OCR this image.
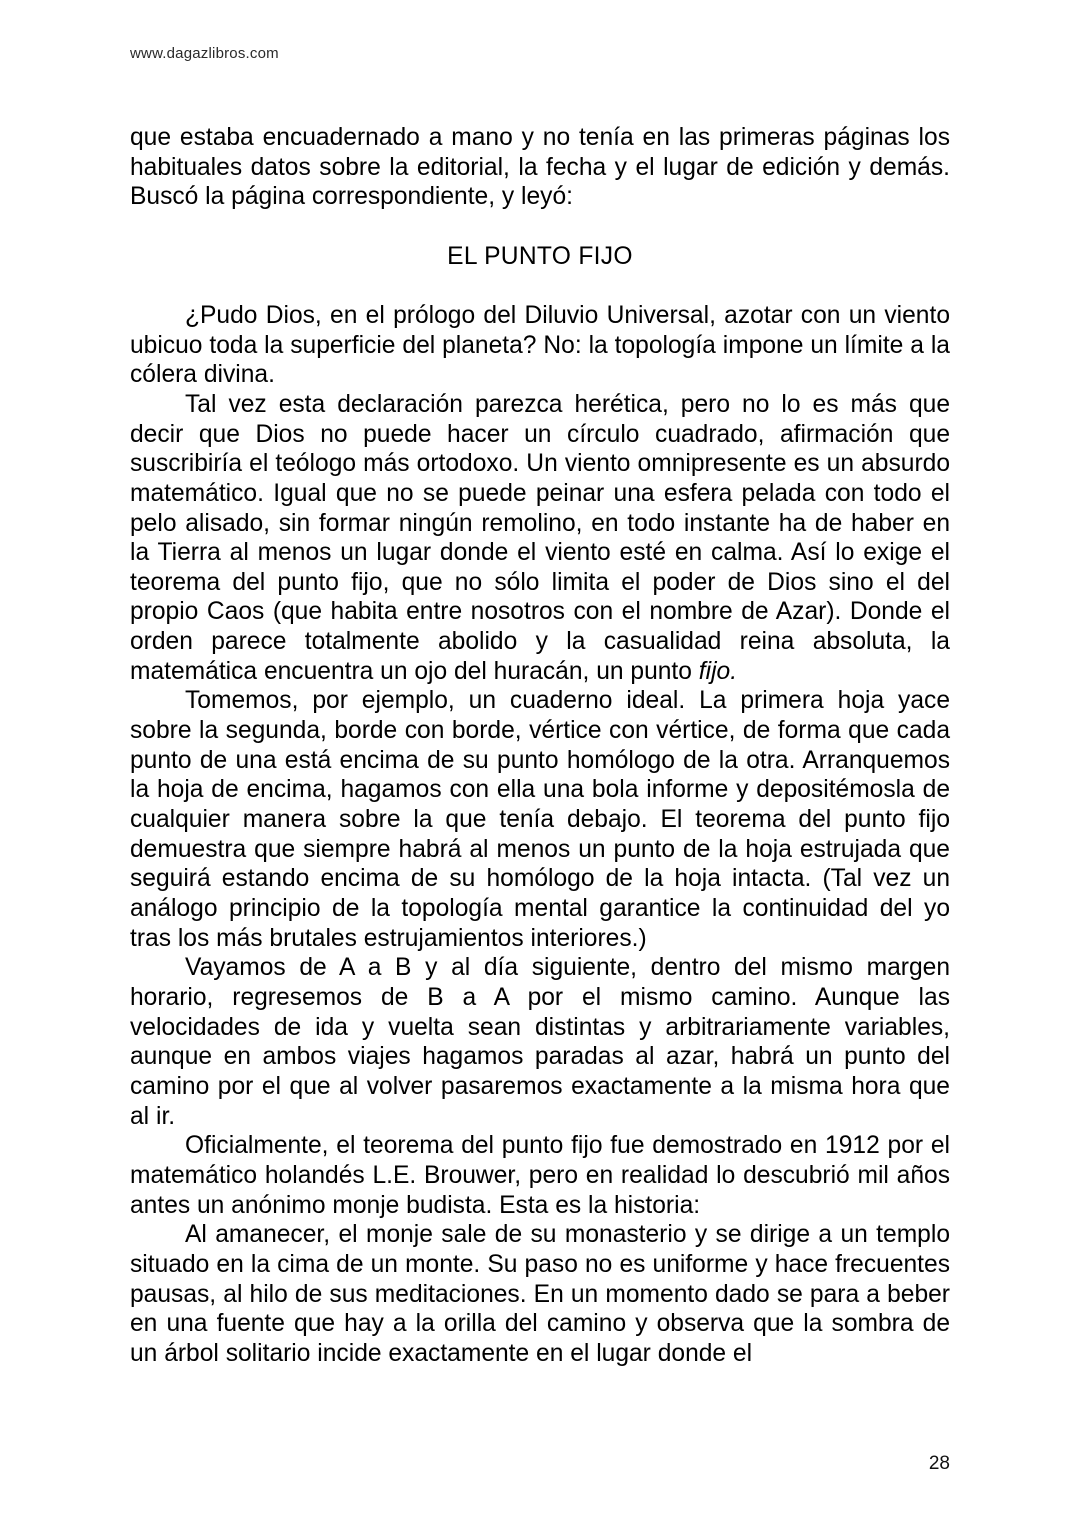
www.dagazlibros.com

que estaba encuadernado a mano y no tenía en las primeras páginas los habituales datos sobre la editorial, la fecha y el lugar de edición y demás. Buscó la página correspondiente, y leyó:

EL PUNTO FIJO

¿Pudo Dios, en el prólogo del Diluvio Universal, azotar con un viento ubicuo toda la superficie del planeta? No: la topología impone un límite a la cólera divina.

Tal vez esta declaración parezca herética, pero no lo es más que decir que Dios no puede hacer un círculo cuadrado, afirmación que suscribiría el teólogo más ortodoxo. Un viento omnipresente es un absurdo matemático. Igual que no se puede peinar una esfera pelada con todo el pelo alisado, sin formar ningún remolino, en todo instante ha de haber en la Tierra al menos un lugar donde el viento esté en calma. Así lo exige el teorema del punto fijo, que no sólo limita el poder de Dios sino el del propio Caos (que habita entre nosotros con el nombre de Azar). Donde el orden parece totalmente abolido y la casualidad reina absoluta, la matemática encuentra un ojo del huracán, un punto fijo.

Tomemos, por ejemplo, un cuaderno ideal. La primera hoja yace sobre la segunda, borde con borde, vértice con vértice, de forma que cada punto de una está encima de su punto homólogo de la otra. Arranquemos la hoja de encima, hagamos con ella una bola informe y depositémosla de cualquier manera sobre la que tenía debajo. El teorema del punto fijo demuestra que siempre habrá al menos un punto de la hoja estrujada que seguirá estando encima de su homólogo de la hoja intacta. (Tal vez un análogo principio de la topología mental garantice la continuidad del yo tras los más brutales estrujamientos interiores.)

Vayamos de A a B y al día siguiente, dentro del mismo margen horario, regresemos de B a A por el mismo camino. Aunque las velocidades de ida y vuelta sean distintas y arbitrariamente variables, aunque en ambos viajes hagamos paradas al azar, habrá un punto del camino por el que al volver pasaremos exactamente a la misma hora que al ir.

Oficialmente, el teorema del punto fijo fue demostrado en 1912 por el matemático holandés L.E. Brouwer, pero en realidad lo descubrió mil años antes un anónimo monje budista. Esta es la historia:

Al amanecer, el monje sale de su monasterio y se dirige a un templo situado en la cima de un monte. Su paso no es uniforme y hace frecuentes pausas, al hilo de sus meditaciones. En un momento dado se para a beber en una fuente que hay a la orilla del camino y observa que la sombra de un árbol solitario incide exactamente en el lugar donde el

28
